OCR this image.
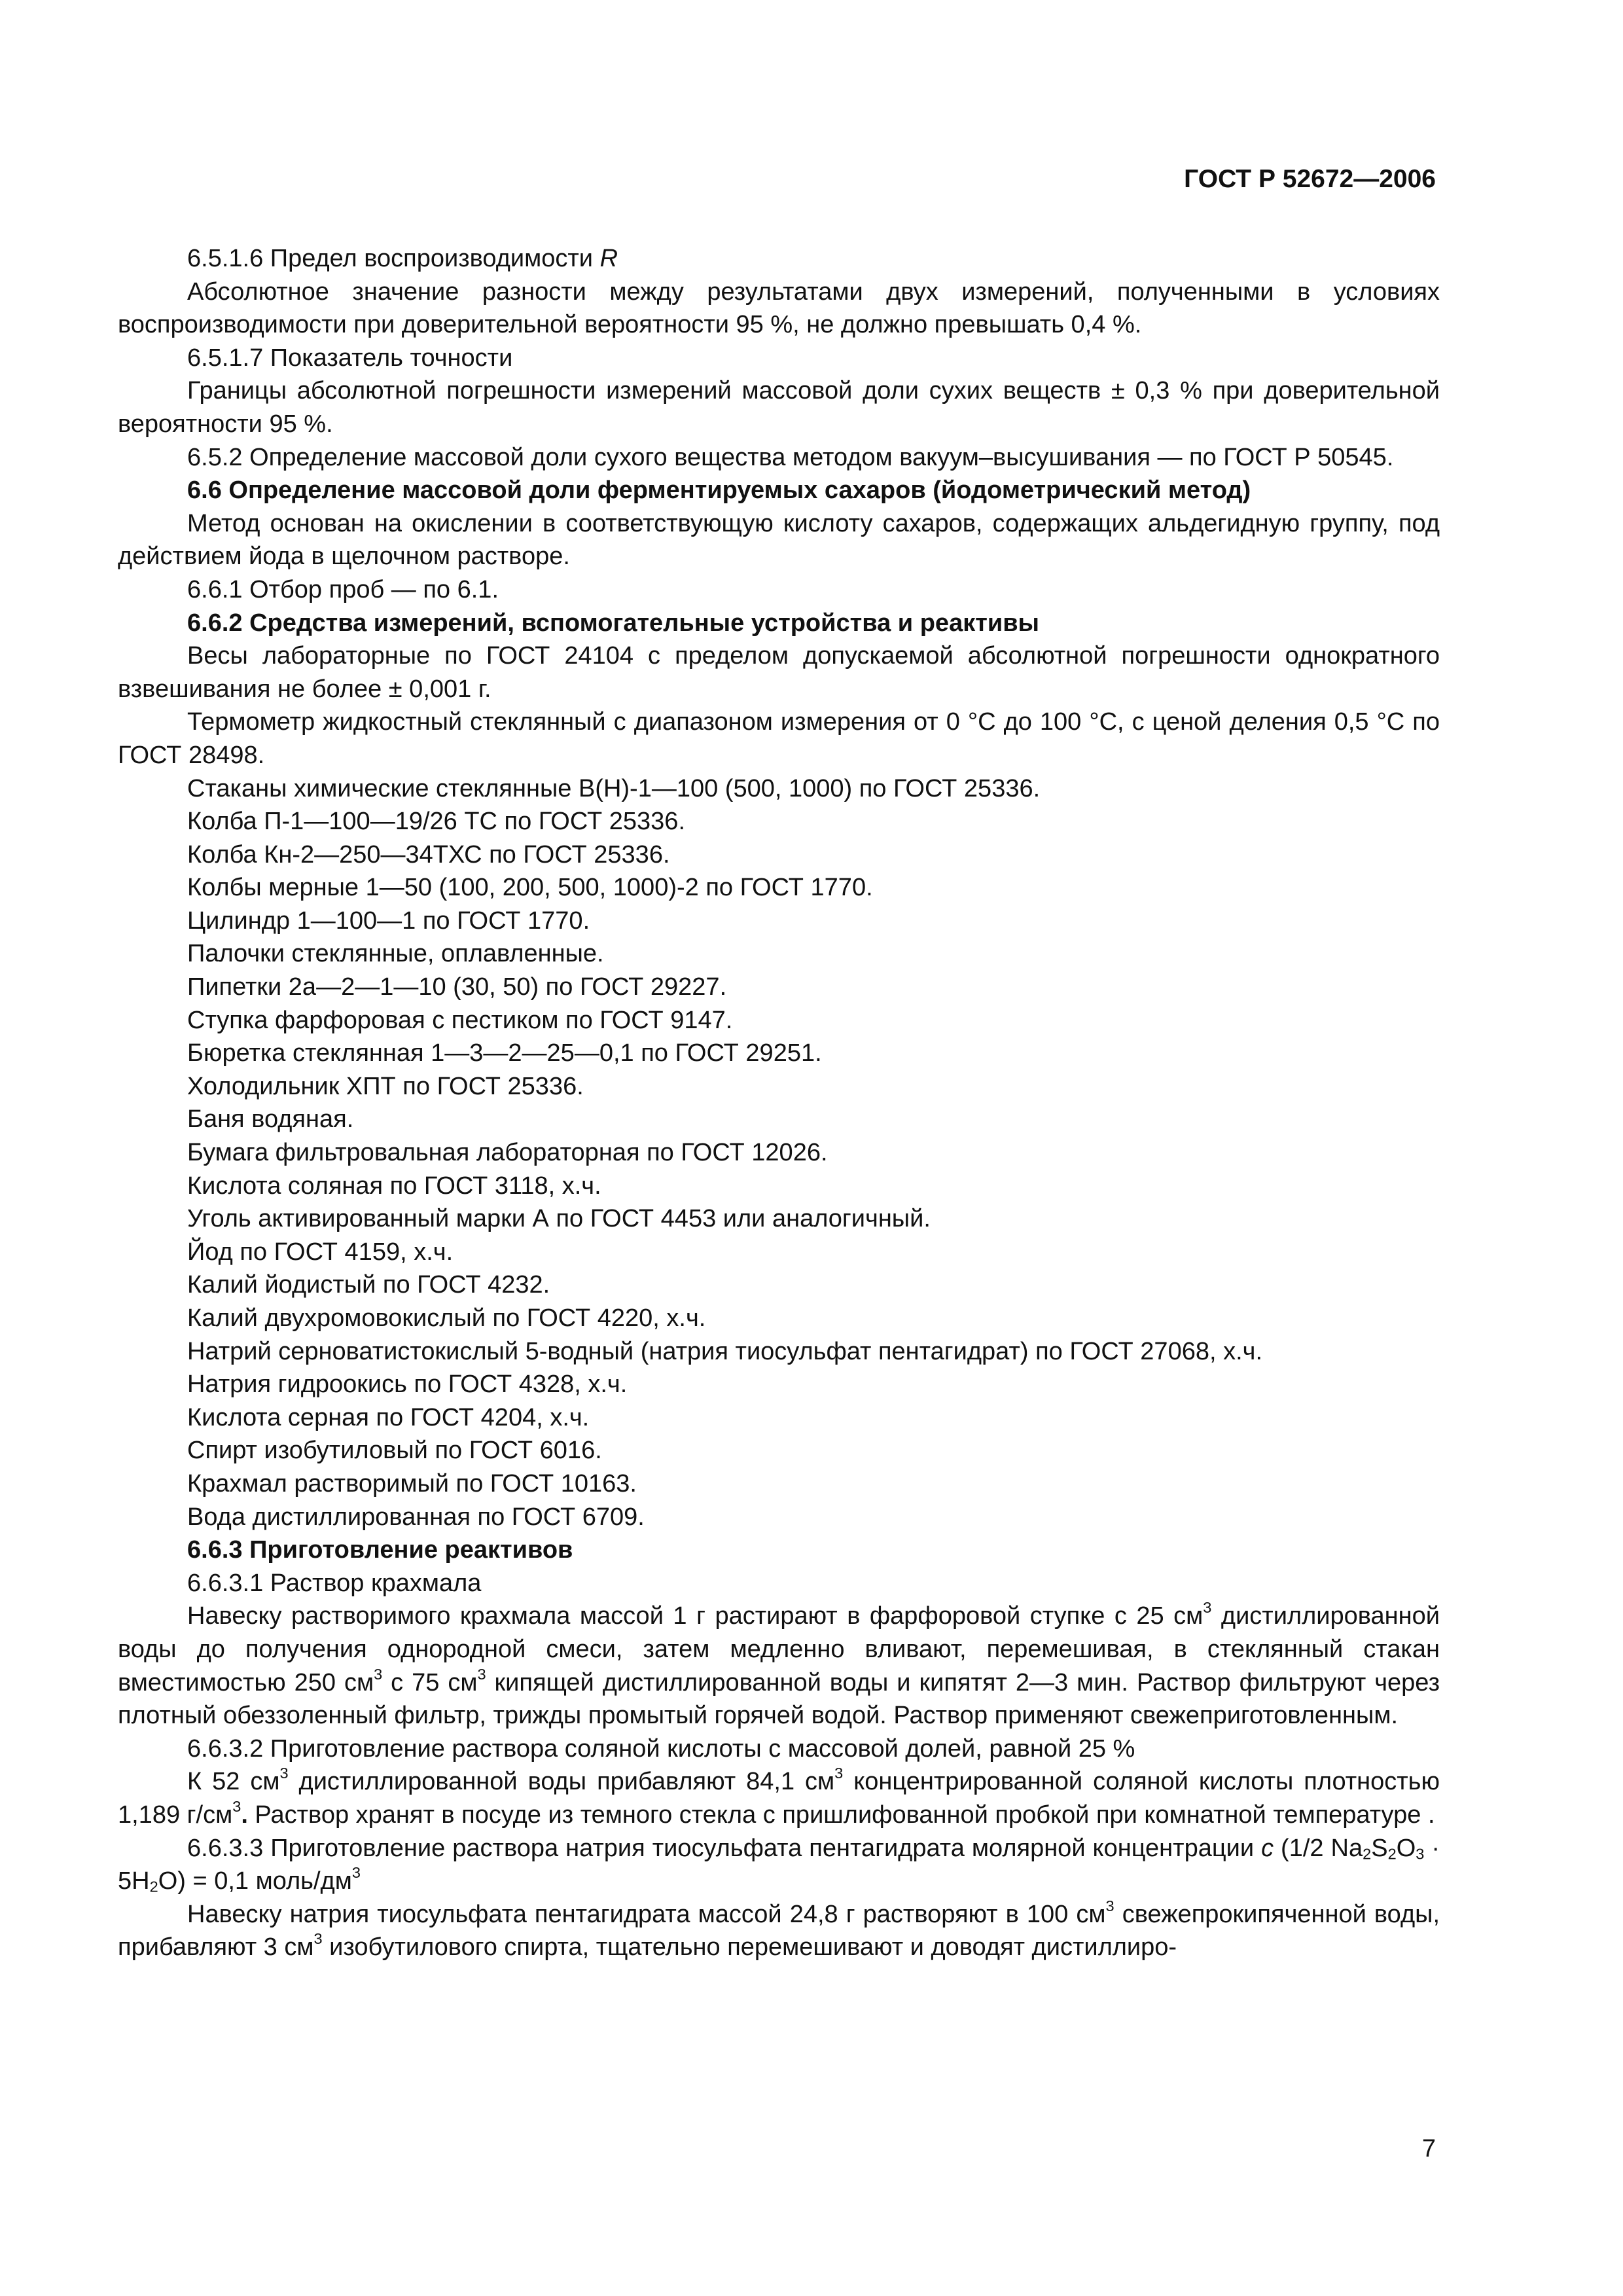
ГОСТ Р 52672—2006
6.5.1.6 Предел воспроизводимости R
Абсолютное значение разности между результатами двух измерений, полученными в условиях воспроизводимости при доверительной вероятности 95 %, не должно превышать 0,4 %.
6.5.1.7 Показатель точности
Границы абсолютной погрешности измерений массовой доли сухих веществ ± 0,3 % при доверительной вероятности 95 %.
6.5.2 Определение массовой доли сухого вещества методом вакуум–высушивания — по ГОСТ Р 50545.
6.6 Определение массовой доли ферментируемых сахаров (йодометрический метод)
Метод основан на окислении в соответствующую кислоту сахаров, содержащих альдегидную группу, под действием йода в щелочном растворе.
6.6.1 Отбор проб — по 6.1.
6.6.2 Средства измерений, вспомогательные устройства и реактивы
Весы лабораторные по ГОСТ 24104 с пределом допускаемой абсолютной погрешности однократного взвешивания не более ± 0,001 г.
Термометр жидкостный стеклянный с диапазоном измерения от 0 °С до 100 °С, с ценой деления 0,5 °С по ГОСТ 28498.
Стаканы химические стеклянные В(Н)-1—100 (500, 1000) по ГОСТ 25336.
Колба П-1—100—19/26 ТС по ГОСТ 25336.
Колба Кн-2—250—34ТХС по ГОСТ 25336.
Колбы мерные 1—50 (100, 200, 500, 1000)-2 по ГОСТ 1770.
Цилиндр 1—100—1 по ГОСТ 1770.
Палочки стеклянные, оплавленные.
Пипетки 2а—2—1—10 (30, 50) по ГОСТ 29227.
Ступка фарфоровая с пестиком по ГОСТ 9147.
Бюретка стеклянная 1—3—2—25—0,1 по ГОСТ 29251.
Холодильник ХПТ по ГОСТ 25336.
Баня водяная.
Бумага фильтровальная лабораторная по ГОСТ 12026.
Кислота соляная по ГОСТ 3118, х.ч.
Уголь активированный марки А по ГОСТ 4453 или аналогичный.
Йод по ГОСТ 4159, х.ч.
Калий йодистый по ГОСТ 4232.
Калий двухромовокислый по ГОСТ 4220, х.ч.
Натрий серноватистокислый 5-водный (натрия тиосульфат пентагидрат) по ГОСТ 27068, х.ч.
Натрия гидроокись по ГОСТ 4328, х.ч.
Кислота серная по ГОСТ 4204, х.ч.
Спирт изобутиловый по ГОСТ 6016.
Крахмал растворимый по ГОСТ 10163.
Вода дистиллированная по ГОСТ 6709.
6.6.3 Приготовление реактивов
6.6.3.1 Раствор крахмала
Навеску растворимого крахмала массой 1 г растирают в фарфоровой ступке с 25 $см^3$ дистиллированной воды до получения однородной смеси, затем медленно вливают, перемешивая, в стеклянный стакан вместимостью 250 $см^3$ с 75 $см^3$ кипящей дистиллированной воды и кипятят 2—3 мин. Раствор фильтруют через плотный обеззоленный фильтр, трижды промытый горячей водой. Раствор применяют свежеприготовленным.
6.6.3.2 Приготовление раствора соляной кислоты с массовой долей, равной 25 %
К 52 $см^3$ дистиллированной воды прибавляют 84,1 $см^3$ концентрированной соляной кислоты плотностью 1,189 $г/см^3$. Раствор хранят в посуде из темного стекла с пришлифованной пробкой при комнатной температуре .
6.6.3.3 Приготовление раствора натрия тиосульфата пентагидрата молярной концентрации с (1/2 $Na_2S_2O_3 \cdot 5H_2O) = 0,1$ моль/$дм^3$
Навеску натрия тиосульфата пентагидрата массой 24,8 г растворяют в 100 $см^3$ свежепрокипяченной воды, прибавляют 3 $см^3$ изобутилового спирта, тщательно перемешивают и доводят дистиллиро-
7
